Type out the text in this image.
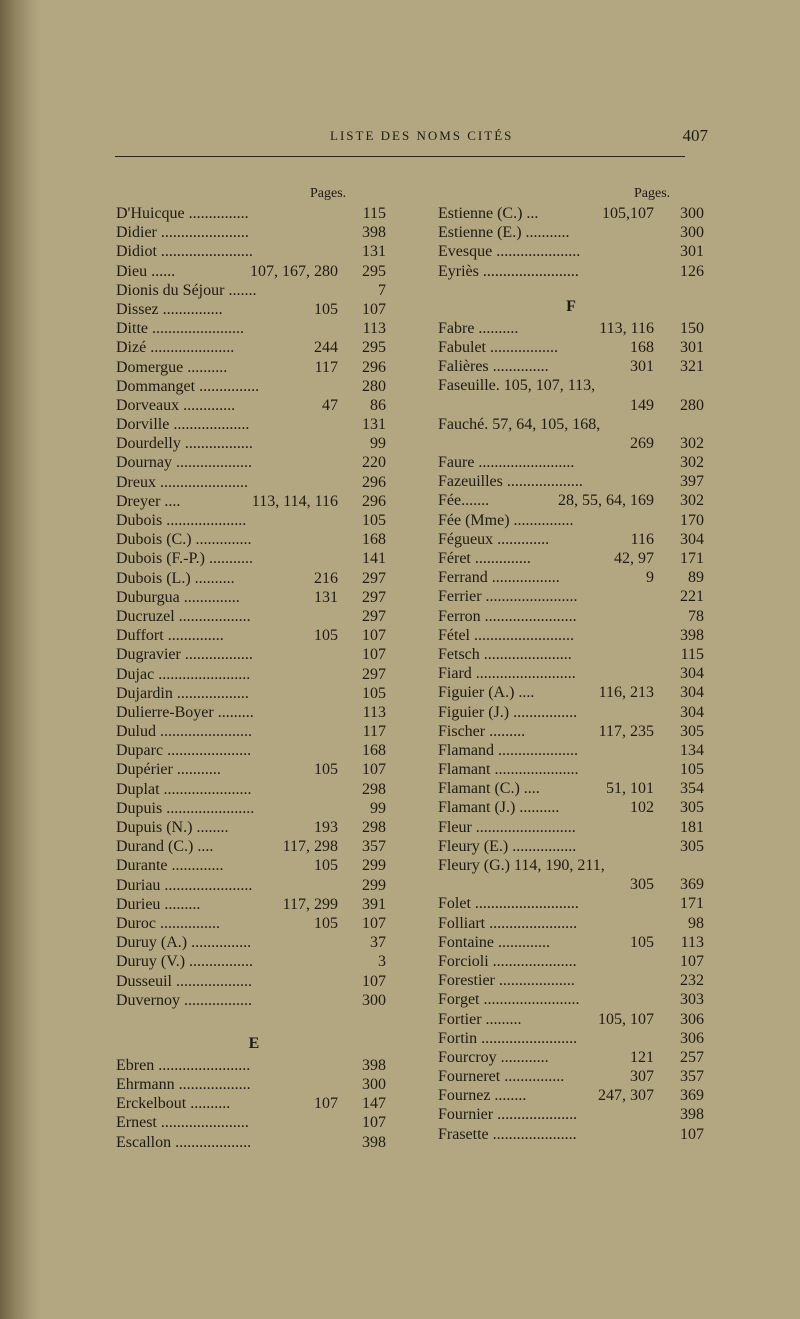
LISTE DES NOMS CITÉS	407
Pages.
D'Huicque ...............	115
Didier ......................	398
Didiot .......................	131
Dieu ......	107, 167, 280 295
Dionis du Séjour .......	7
Dissez ...............	105 107
Ditte .......................	113
Dizé .....................	244 295
Domergue ..........	117 296
Dommanget ...............	280
Dorveaux .............	47 86
Dorville ...................	131
Dourdelly .................	99
Dournay ...................	220
Dreux ......................	296
Dreyer ....	113, 114, 116 296
Dubois ....................	105
Dubois (C.) ..............	168
Dubois (F.-P.) ...........	141
Dubois (L.) ..........	216 297
Duburgua ..............	131 297
Ducruzel ..................	297
Duffort ..............	105 107
Dugravier .................	107
Dujac .......................	297
Dujardin ..................	105
Dulierre-Boyer .........	113
Dulud .......................	117
Duparc .....................	168
Dupérier ...........	105 107
Duplat ......................	298
Dupuis ......................	99
Dupuis (N.) ........	193 298
Durand (C.) ....	117, 298 357
Durante .............	105 299
Duriau ......................	299
Durieu .........	117, 299 391
Duroc ...............	105 107
Duruy (A.) ...............	37
Duruy (V.) ................	3
Dusseuil ...................	107
Duvernoy .................	300
E
Ebren .......................	398
Ehrmann ..................	300
Erckelbout ..........	107 147
Ernest ......................	107
Escallon ...................	398
Pages.
Estienne (C.) ...	105,107 300
Estienne (E.) ...........	300
Evesque .....................	301
Eyriès ........................	126
F
Fabre ..........	113, 116 150
Fabulet .................	168 301
Falières ..............	301 321
Faseuille. 105, 107, 113,
149 280
Fauché. 57, 64, 105, 168,
269 302
Faure ........................	302
Fazeuilles ...................	397
Fée.......	28, 55, 64, 169 302
Fée (Mme) ...............	170
Fégueux .............	116 304
Féret ..............	42, 97 171
Ferrand .................	9 89
Ferrier .......................	221
Ferron .......................	78
Fétel .........................	398
Fetsch ......................	115
Fiard .........................	304
Figuier (A.) ....	116, 213 304
Figuier (J.) ................	304
Fischer .........	117, 235 305
Flamand ....................	134
Flamant .....................	105
Flamant (C.) ....	51, 101 354
Flamant (J.) ..........	102 305
Fleur .........................	181
Fleury (E.) ................	305
Fleury (G.) 114, 190, 211,
305 369
Folet ..........................	171
Folliart ......................	98
Fontaine .............	105 113
Forcioli .....................	107
Forestier ...................	232
Forget ........................	303
Fortier .........	105, 107 306
Fortin ........................	306
Fourcroy ............	121 257
Fourneret ...............	307 357
Fournez ........	247, 307 369
Fournier ....................	398
Frasette .....................	107
